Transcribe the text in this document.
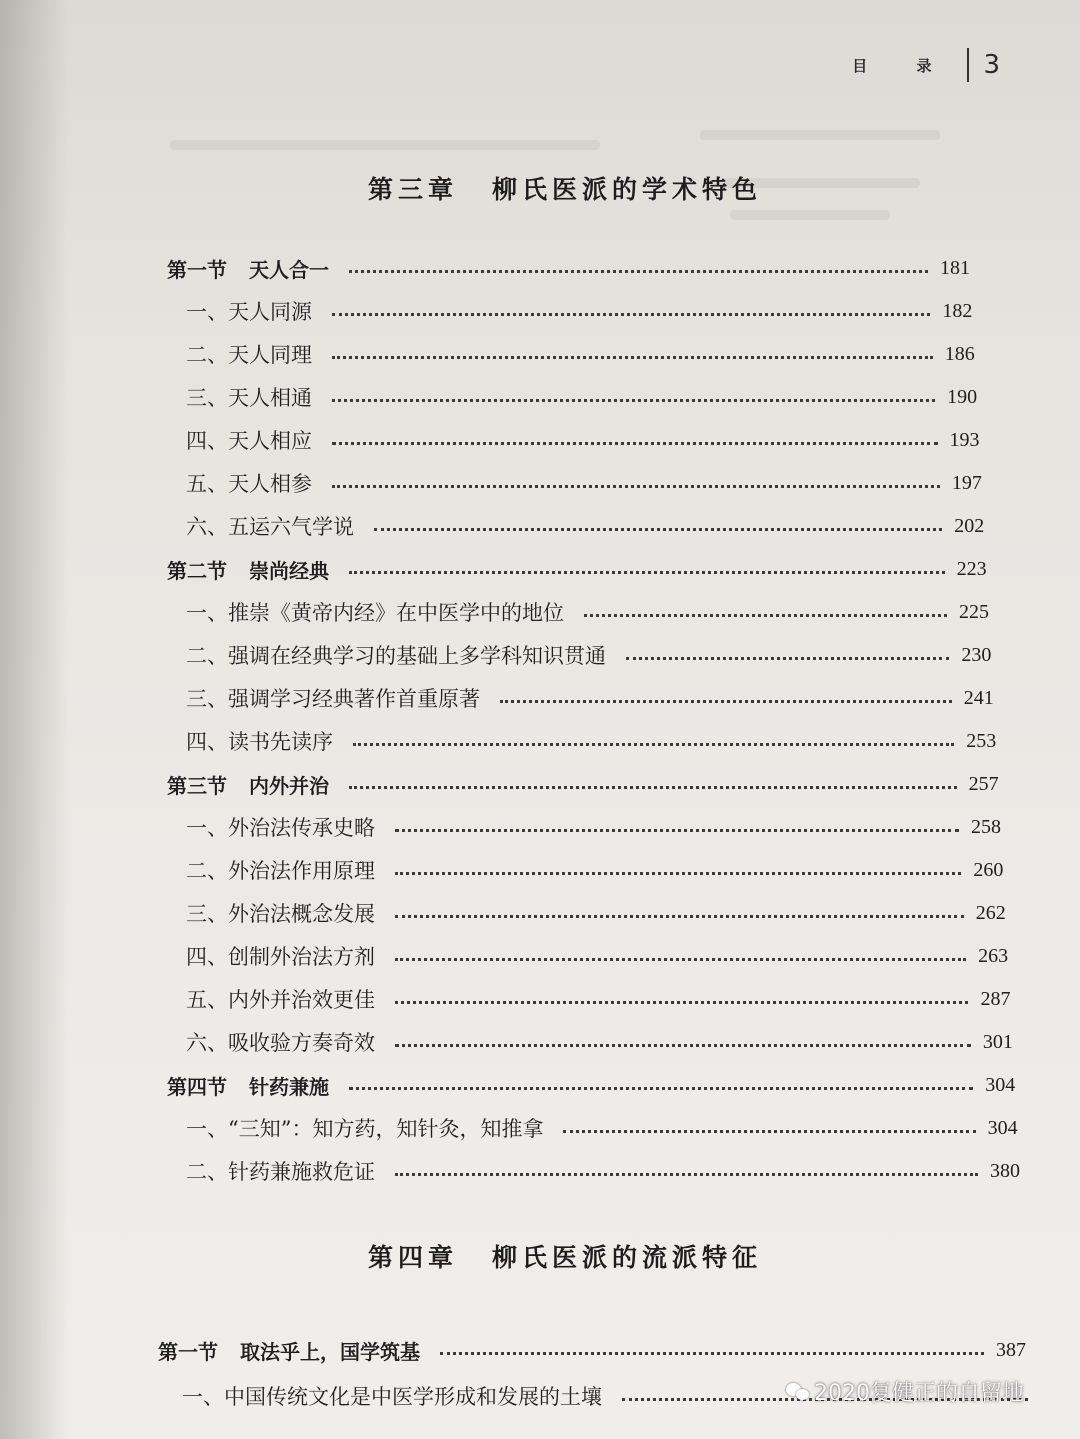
目 录 3
第三章 柳氏医派的学术特色
第一节 天人合一	181
一、天人同源	182
二、天人同理	186
三、天人相通	190
四、天人相应	193
五、天人相参	197
六、五运六气学说	202
第二节 崇尚经典	223
一、推崇《黄帝内经》在中医学中的地位	225
二、强调在经典学习的基础上多学科知识贯通	230
三、强调学习经典著作首重原著	241
四、读书先读序	253
第三节 内外并治	257
一、外治法传承史略	258
二、外治法作用原理	260
三、外治法概念发展	262
四、创制外治法方剂	263
五、内外并治效更佳	287
六、吸收验方奏奇效	301
第四节 针药兼施	304
一、“三知”：知方药，知针灸，知推拿	304
二、针药兼施救危证	380
第四章 柳氏医派的流派特征
第一节 取法乎上，国学筑基	387
一、中国传统文化是中医学形成和发展的土壤	2020复健正的自留地
